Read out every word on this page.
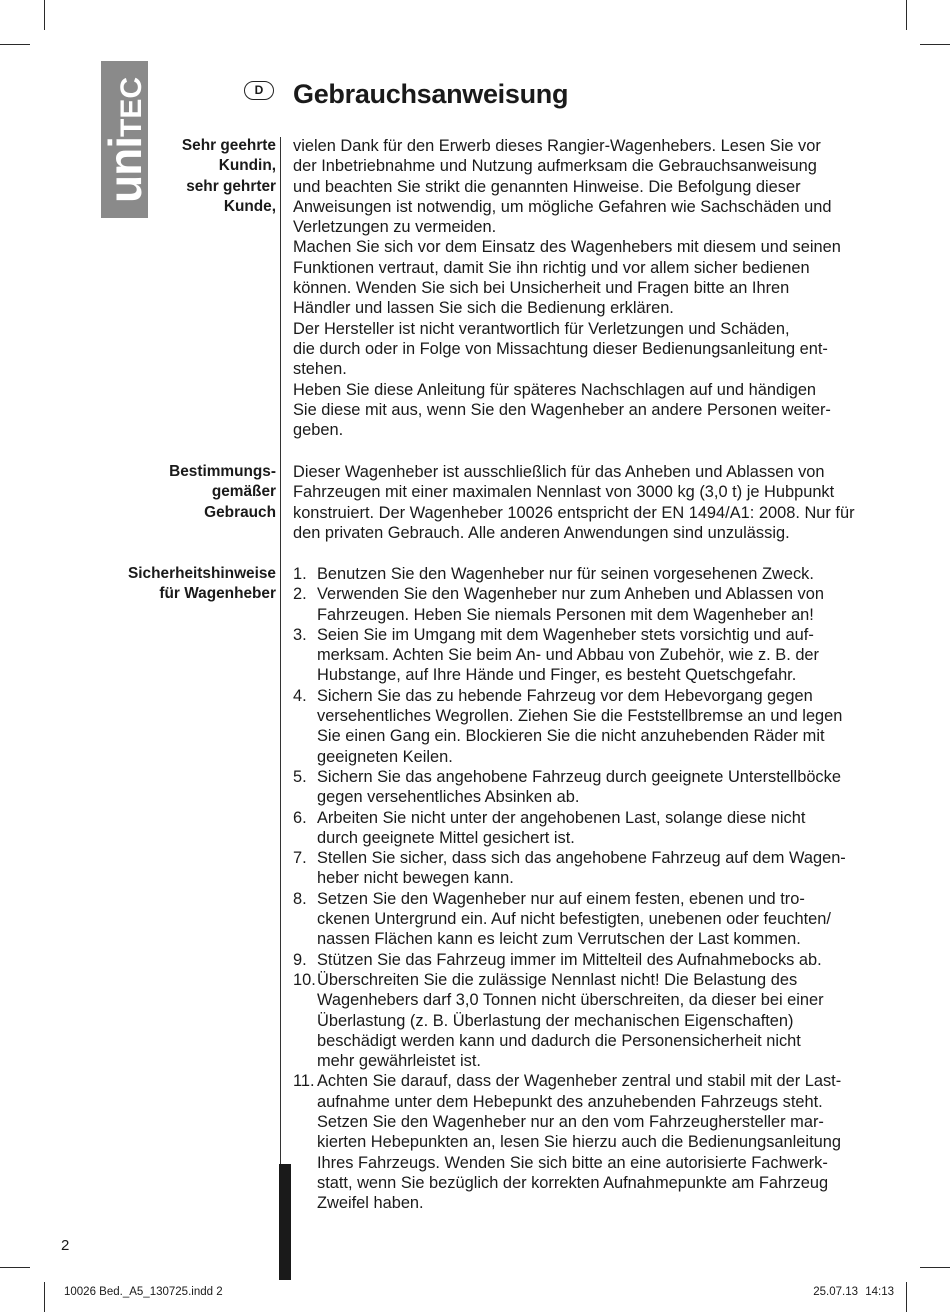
uniTEC	D	Gebrauchsanweisung
Sehr geehrte
Kundin,
sehr gehrter
Kunde,

vielen Dank für den Erwerb dieses Rangier-Wagenhebers. Lesen Sie vor
der Inbetriebnahme und Nutzung aufmerksam die Gebrauchsanweisung
und beachten Sie strikt die genannten Hinweise. Die Befolgung dieser
Anweisungen ist notwendig, um mögliche Gefahren wie Sachschäden und
Verletzungen zu vermeiden.

Machen Sie sich vor dem Einsatz des Wagenhebers mit diesem und seinen
Funktionen vertraut, damit Sie ihn richtig und vor allem sicher bedienen
können. Wenden Sie sich bei Unsicherheit und Fragen bitte an Ihren
Händler und lassen Sie sich die Bedienung erklären.

Der Hersteller ist nicht verantwortlich für Verletzungen und Schäden,
die durch oder in Folge von Missachtung dieser Bedienungsanleitung ent-
stehen.

Heben Sie diese Anleitung für späteres Nachschlagen auf und händigen
Sie diese mit aus, wenn Sie den Wagenheber an andere Personen weiter-
geben.

Bestimmungs-
gemäßer
Gebrauch

Dieser Wagenheber ist ausschließlich für das Anheben und Ablassen von
Fahrzeugen mit einer maximalen Nennlast von 3000 kg (3,0 t) je Hubpunkt
konstruiert. Der Wagenheber 10026 entspricht der EN 1494/A1: 2008. Nur für
den privaten Gebrauch. Alle anderen Anwendungen sind unzulässig.

Sicherheitshinweise
für Wagenheber
1. Benutzen Sie den Wagenheber nur für seinen vorgesehenen Zweck.
2. Verwenden Sie den Wagenheber nur zum Anheben und Ablassen von
Fahrzeugen. Heben Sie niemals Personen mit dem Wagenheber an!
3. Seien Sie im Umgang mit dem Wagenheber stets vorsichtig und auf-
merksam. Achten Sie beim An- und Abbau von Zubehör, wie z. B. der
Hubstange, auf Ihre Hände und Finger, es besteht Quetschgefahr.
4. Sichern Sie das zu hebende Fahrzeug vor dem Hebevorgang gegen
versehentliches Wegrollen. Ziehen Sie die Feststellbremse an und legen
Sie einen Gang ein. Blockieren Sie die nicht anzuhebenden Räder mit
geeigneten Keilen.
5. Sichern Sie das angehobene Fahrzeug durch geeignete Unterstellböcke
gegen versehentliches Absinken ab.
6. Arbeiten Sie nicht unter der angehobenen Last, solange diese nicht
durch geeignete Mittel gesichert ist.
7. Stellen Sie sicher, dass sich das angehobene Fahrzeug auf dem Wagen-
heber nicht bewegen kann.
8. Setzen Sie den Wagenheber nur auf einem festen, ebenen und tro-
ckenen Untergrund ein. Auf nicht befestigten, unebenen oder feuchten/
nassen Flächen kann es leicht zum Verrutschen der Last kommen.
9. Stützen Sie das Fahrzeug immer im Mittelteil des Aufnahmebocks ab.
10. Überschreiten Sie die zulässige Nennlast nicht! Die Belastung des
Wagenhebers darf 3,0 Tonnen nicht überschreiten, da dieser bei einer
Überlastung (z. B. Überlastung der mechanischen Eigenschaften)
beschädigt werden kann und dadurch die Personensicherheit nicht
mehr gewährleistet ist.
11. Achten Sie darauf, dass der Wagenheber zentral und stabil mit der Last-
aufnahme unter dem Hebepunkt des anzuhebenden Fahrzeugs steht.
Setzen Sie den Wagenheber nur an den vom Fahrzeughersteller mar-
kierten Hebepunkten an, lesen Sie hierzu auch die Bedienungsanleitung
Ihres Fahrzeugs. Wenden Sie sich bitte an eine autorisierte Fachwerk-
statt, wenn Sie bezüglich der korrekten Aufnahmepunkte am Fahrzeug
Zweifel haben.
2
10026 Bed._A5_130725.indd 2	25.07.13 14:13
